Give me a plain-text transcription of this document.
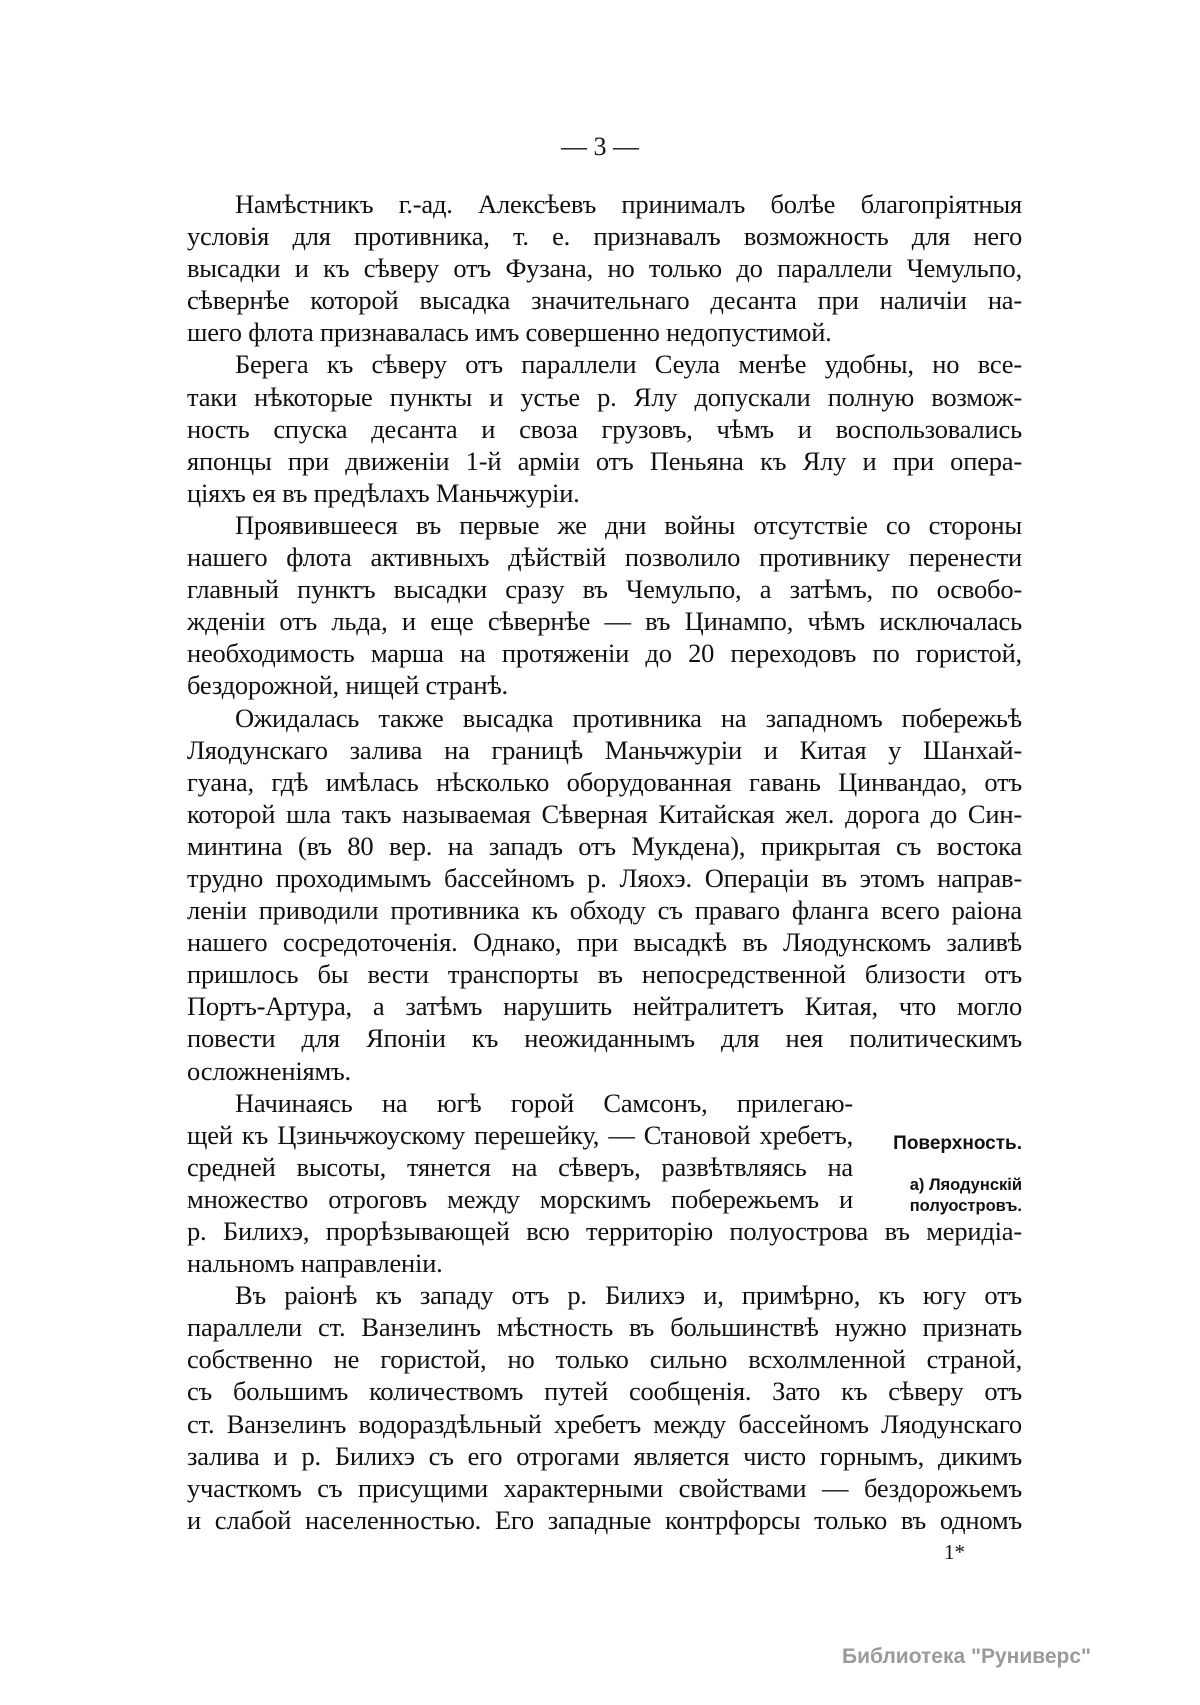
— 3 —
Намѣстникъ г.-ад. Алексѣевъ принималъ болѣе благопріятныя
условія для противника, т. е. признавалъ возможность для него
высадки и къ сѣверу отъ Фузана, но только до параллели Чемульпо,
сѣвернѣе которой высадка значительнаго десанта при наличіи на-
шего флота признавалась имъ совершенно недопустимой.
Берега къ сѣверу отъ параллели Сеула менѣе удобны, но все-
таки нѣкоторые пункты и устье р. Ялу допускали полную возмож-
ность спуска десанта и своза грузовъ, чѣмъ и воспользовались
японцы при движеніи 1-й арміи отъ Пеньяна къ Ялу и при опера-
ціяхъ ея въ предѣлахъ Маньчжуріи.
Проявившееся въ первые же дни войны отсутствіе со стороны
нашего флота активныхъ дѣйствій позволило противнику перенести
главный пунктъ высадки сразу въ Чемульпо, а затѣмъ, по освобо-
жденіи отъ льда, и еще сѣвернѣе — въ Цинампо, чѣмъ исключалась
необходимость марша на протяженіи до 20 переходовъ по гористой,
бездорожной, нищей странѣ.
Ожидалась также высадка противника на западномъ побережьѣ
Ляодунскаго залива на границѣ Маньчжуріи и Китая у Шанхай-
гуана, гдѣ имѣлась нѣсколько оборудованная гавань Цинвандао, отъ
которой шла такъ называемая Сѣверная Китайская жел. дорога до Син-
минтина (въ 80 вер. на западъ отъ Мукдена), прикрытая съ востока
трудно проходимымъ бассейномъ р. Ляохэ. Операціи въ этомъ направ-
леніи приводили противника къ обходу съ праваго фланга всего раіона
нашего сосредоточенія. Однако, при высадкѣ въ Ляодунскомъ заливѣ
пришлось бы вести транспорты въ непосредственной близости отъ
Портъ-Артура, а затѣмъ нарушить нейтралитетъ Китая, что могло
повести для Японіи къ неожиданнымъ для нея политическимъ
осложненіямъ.
Начинаясь на югѣ горой Самсонъ, прилегаю-
щей къ Цзиньчжоускому перешейку, — Становой хребетъ,
средней высоты, тянется на сѣверъ, развѣтвляясь на
множество отроговъ между морскимъ побережьемъ и
р. Билихэ, прорѣзывающей всю территорію полуострова въ меридіа-
нальномъ направленіи.
Въ раіонѣ къ западу отъ р. Билихэ и, примѣрно, къ югу отъ
параллели ст. Ванзелинъ мѣстность въ большинствѣ нужно признать
собственно не гористой, но только сильно всхолмленной страной,
съ большимъ количествомъ путей сообщенія. Зато къ сѣверу отъ
ст. Ванзелинъ водораздѣльный хребетъ между бассейномъ Ляодунскаго
залива и р. Билихэ съ его отрогами является чисто горнымъ, дикимъ
участкомъ съ присущими характерными свойствами — бездорожьемъ
и слабой населенностью. Его западные контрфорсы только въ одномъ
Поверхность.
а) Ляодунскій
полуостровъ.
1*
Библиотека "Руниверс"
